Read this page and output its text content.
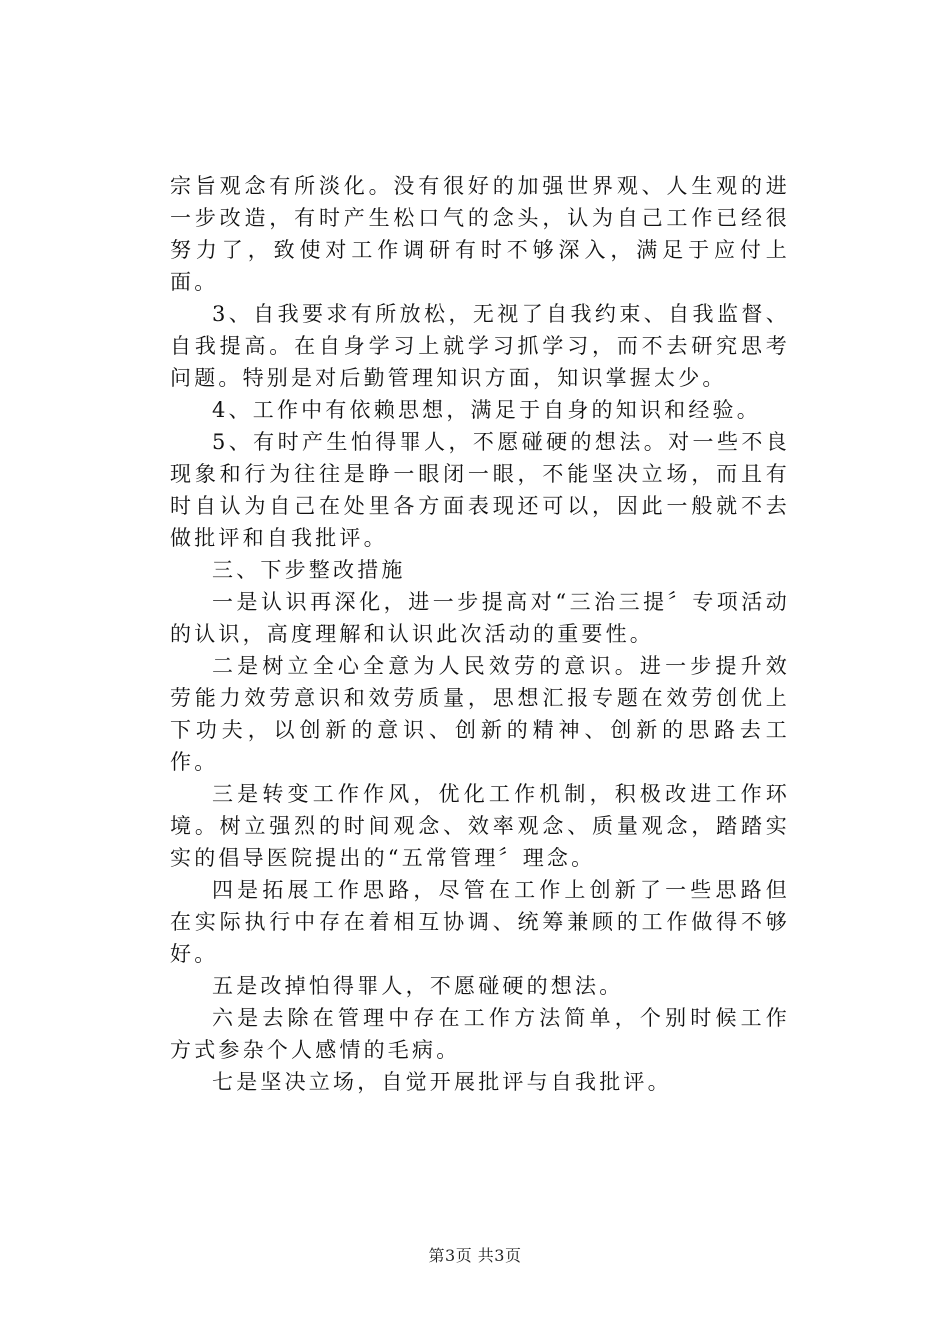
宗旨观念有所淡化。没有很好的加强世界观、人生观的进一步改造，有时产生松口气的念头，认为自己工作已经很努力了，致使对工作调研有时不够深入，满足于应付上面。

3、自我要求有所放松，无视了自我约束、自我监督、自我提高。在自身学习上就学习抓学习，而不去研究思考问题。特别是对后勤管理知识方面，知识掌握太少。

4、工作中有依赖思想，满足于自身的知识和经验。

5、有时产生怕得罪人，不愿碰硬的想法。对一些不良现象和行为往往是睁一眼闭一眼，不能坚决立场，而且有时自认为自己在处里各方面表现还可以，因此一般就不去做批评和自我批评。

三、下步整改措施

一是认识再深化，进一步提高对“三治三提〞专项活动的认识，高度理解和认识此次活动的重要性。

二是树立全心全意为人民效劳的意识。进一步提升效劳能力效劳意识和效劳质量，思想汇报专题在效劳创优上下功夫，以创新的意识、创新的精神、创新的思路去工作。

三是转变工作作风，优化工作机制，积极改进工作环境。树立强烈的时间观念、效率观念、质量观念，踏踏实实的倡导医院提出的“五常管理〞理念。

四是拓展工作思路，尽管在工作上创新了一些思路但在实际执行中存在着相互协调、统筹兼顾的工作做得不够好。

五是改掉怕得罪人，不愿碰硬的想法。

六是去除在管理中存在工作方法简单，个别时候工作方式参杂个人感情的毛病。

七是坚决立场，自觉开展批评与自我批评。

第3页 共3页
